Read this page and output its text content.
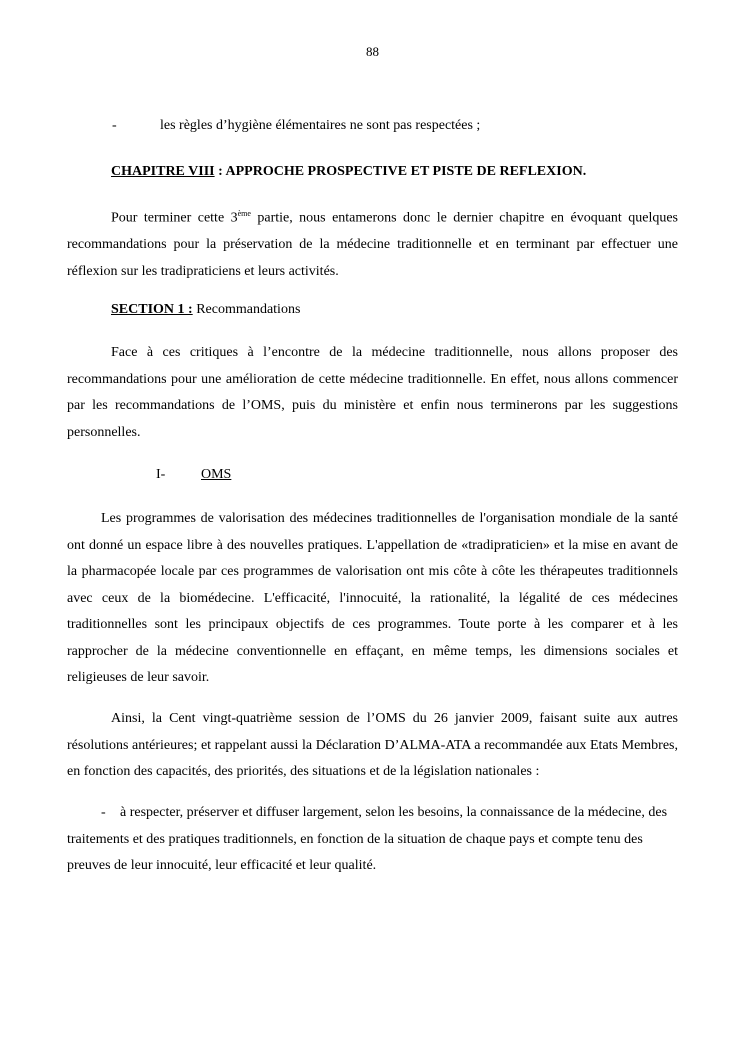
88
-	les règles d’hygiène élémentaires ne sont pas respectées ;
CHAPITRE VIII : APPROCHE PROSPECTIVE ET PISTE DE REFLEXION.

Pour terminer cette 3ème partie, nous entamerons donc le dernier chapitre en évoquant quelques recommandations pour la préservation de la médecine traditionnelle et en terminant par effectuer une réflexion sur les tradipraticiens et leurs activités.

SECTION 1 : Recommandations

Face à ces critiques à l’encontre de la médecine traditionnelle, nous allons proposer des recommandations pour une amélioration de cette médecine traditionnelle. En effet, nous allons commencer par les recommandations de l’OMS, puis du ministère et enfin nous terminerons par les suggestions personnelles.

I-	OMS

Les programmes de valorisation des médecines traditionnelles de l'organisation mondiale de la santé ont donné un espace libre à des nouvelles pratiques. L'appellation de «tradipraticien» et la mise en avant de la pharmacopée locale par ces programmes de valorisation ont mis côte à côte les thérapeutes traditionnels avec ceux de la biomédecine. L'efficacité, l'innocuité, la rationalité, la légalité de ces médecines traditionnelles sont les principaux objectifs de ces programmes. Toute porte à les comparer et à les rapprocher de la médecine conventionnelle en effaçant, en même temps, les dimensions sociales et religieuses de leur savoir.

Ainsi, la Cent vingt-quatrième session de l’OMS du 26 janvier 2009, faisant suite aux autres résolutions antérieures; et rappelant aussi la Déclaration D’ALMA-ATA a recommandée aux Etats Membres, en fonction des capacités, des priorités, des situations et de la législation nationales :

-	à respecter, préserver et diffuser largement, selon les besoins, la connaissance de la médecine, des traitements et des pratiques traditionnels, en fonction de la situation de chaque pays et compte tenu des preuves de leur innocuité, leur efficacité et leur qualité.
